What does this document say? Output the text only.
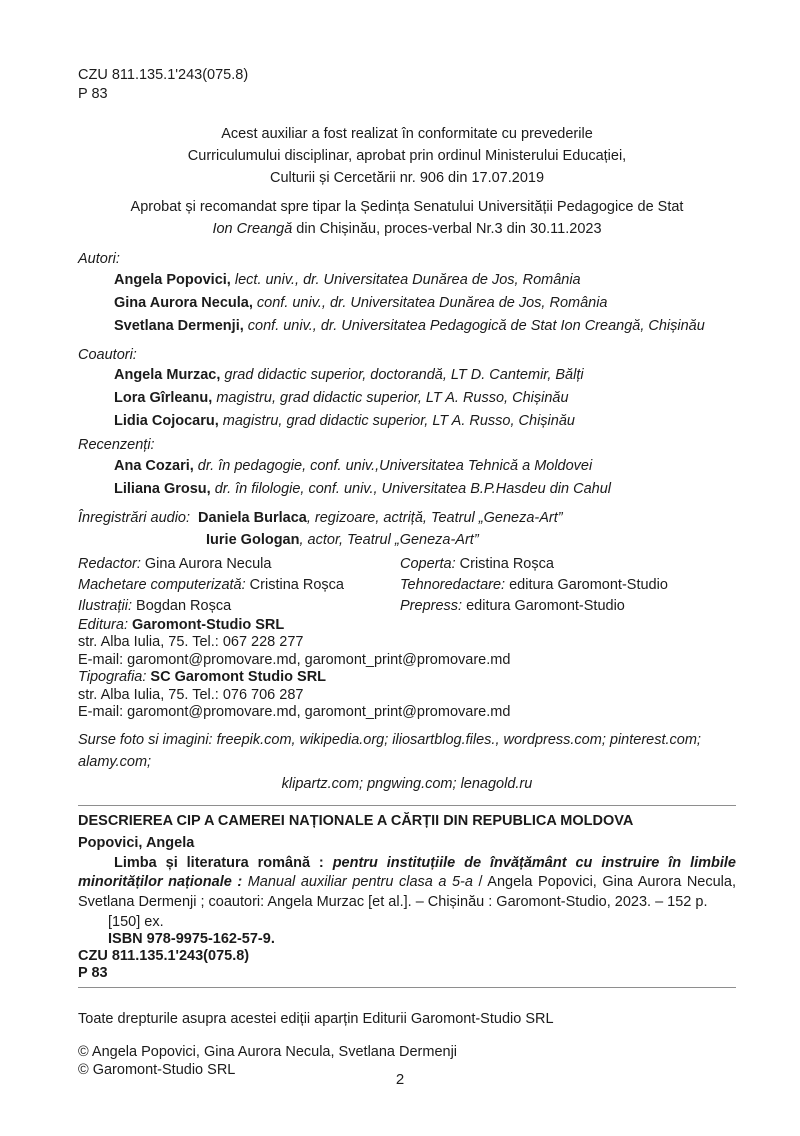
CZU 811.135.1'243(075.8)
P 83
Acest auxiliar a fost realizat în conformitate cu prevederile
Curriculumului disciplinar, aprobat prin ordinul Ministerului Educației,
Culturii și Cercetării nr. 906 din 17.07.2019
Aprobat și recomandat spre tipar la Ședința Senatului Universității Pedagogice de Stat
Ion Creangă din Chișinău, proces-verbal Nr.3 din 30.11.2023
Autori:
Angela Popovici, lect. univ., dr. Universitatea Dunărea de Jos, România
Gina Aurora Necula, conf. univ., dr. Universitatea Dunărea de Jos, România
Svetlana Dermenji, conf. univ., dr. Universitatea Pedagogică de Stat Ion Creangă, Chișinău
Coautori:
Angela Murzac, grad didactic superior, doctorandă, LT D. Cantemir, Bălți
Lora Gîrleanu, magistru, grad didactic superior, LT A. Russo, Chișinău
Lidia Cojocaru, magistru, grad didactic superior, LT A. Russo, Chișinău
Recenzenți:
Ana Cozari, dr. în pedagogie, conf. univ.,Universitatea Tehnică a Moldovei
Liliana Grosu, dr. în filologie, conf. univ., Universitatea B.P.Hasdeu din Cahul
Înregistrări audio: Daniela Burlaca, regizoare, actriță, Teatrul „Geneza-Art”
Iurie Gologan, actor, Teatrul „Geneza-Art”
Redactor: Gina Aurora Necula
Machetare computerizată: Cristina Roșca
Ilustrații: Bogdan Roșca
Coperta: Cristina Roșca
Tehnoredactare: editura Garomont-Studio
Prepress: editura Garomont-Studio
Editura: Garomont-Studio SRL
str. Alba Iulia, 75. Tel.: 067 228 277
E-mail: garomont@promovare.md, garomont_print@promovare.md
Tipografia: SC Garomont Studio SRL
str. Alba Iulia, 75. Tel.: 076 706 287
E-mail: garomont@promovare.md, garomont_print@promovare.md
Surse foto si imagini: freepik.com, wikipedia.org; iliosartblog.files., wordpress.com; pinterest.com; alamy.com;
klipartz.com; pngwing.com; lenagold.ru
DESCRIEREA CIP A CAMEREI NAȚIONALE A CĂRȚII DIN REPUBLICA MOLDOVA
Popovici, Angela

Limba și literatura română : pentru instituțiile de învățământ cu instruire în limbile minorităților naționale : Manual auxiliar pentru clasa a 5-a / Angela Popovici, Gina Aurora Necula, Svetlana Dermenji ; coautori: Angela Murzac [et al.]. – Chișinău : Garomont-Studio, 2023. – 152 p.

[150] ex.
ISBN 978-9975-162-57-9.
CZU 811.135.1'243(075.8)
P 83
Toate drepturile asupra acestei ediții aparțin Editurii Garomont-Studio SRL
© Angela Popovici, Gina Aurora Necula, Svetlana Dermenji
© Garomont-Studio SRL
2
